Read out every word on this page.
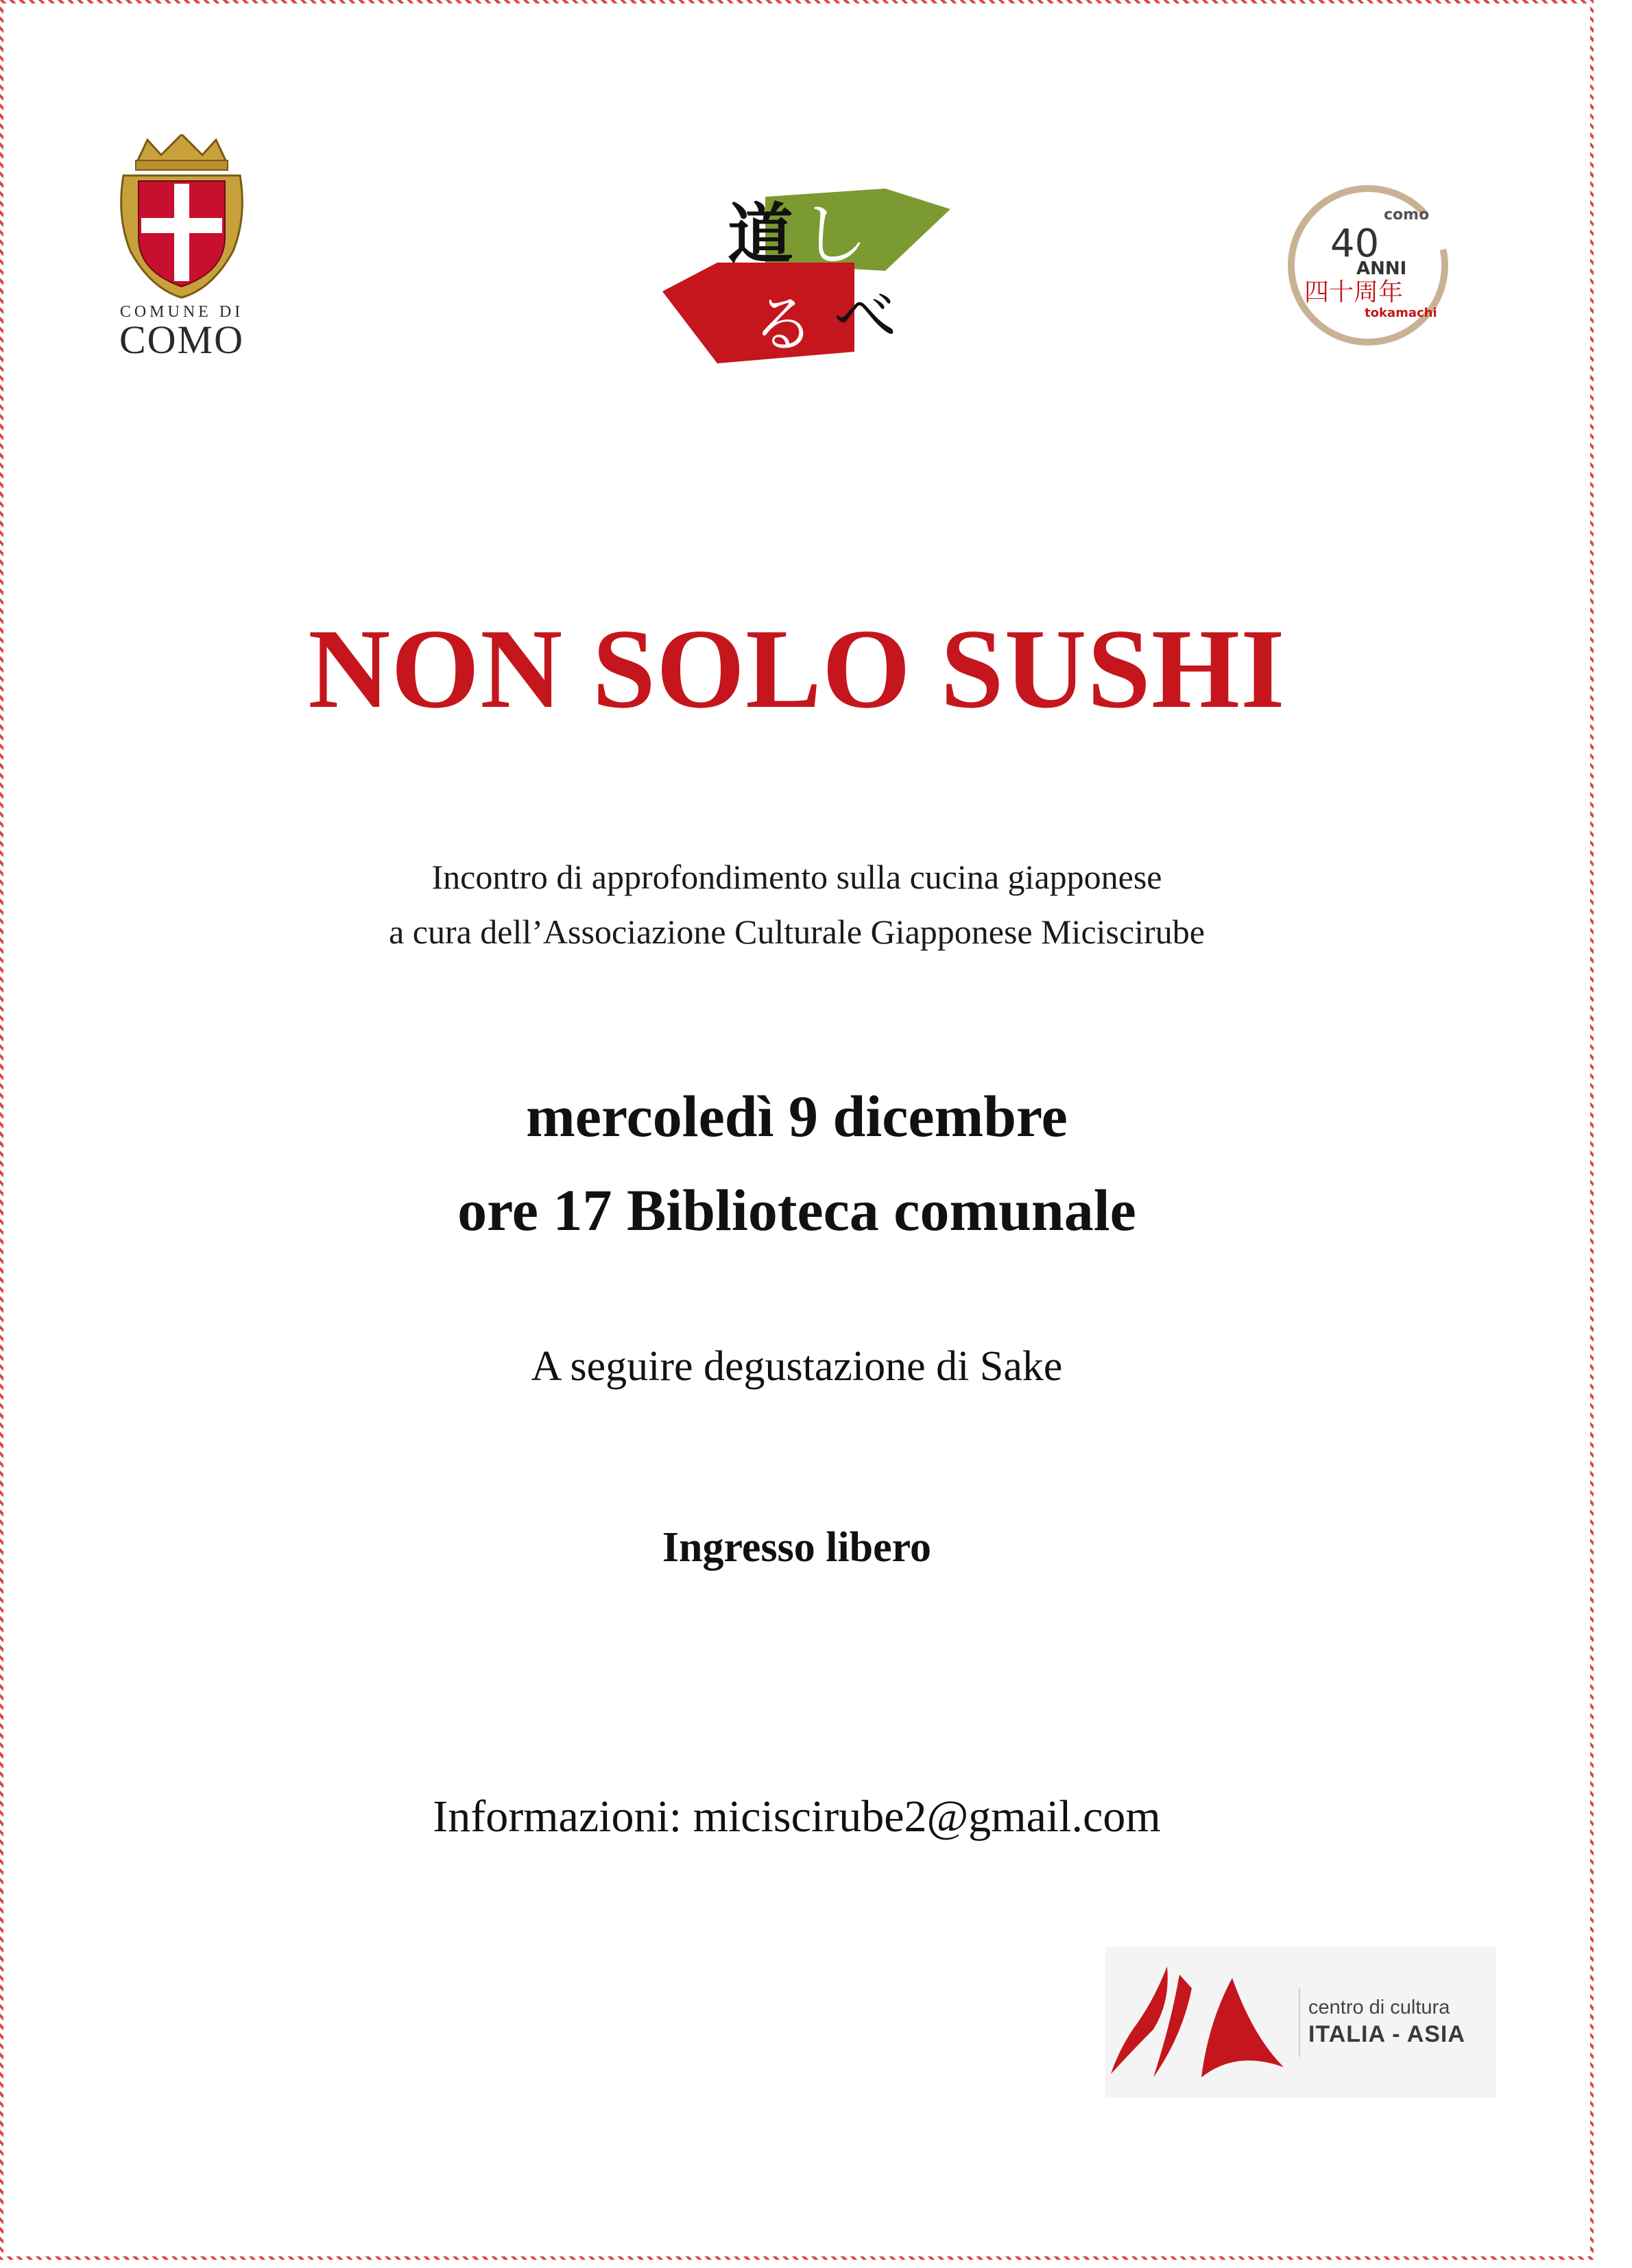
COMUNE DI
COMO
道 し
る べ
como
40
ANNI
四十周年
tokamachi
NON SOLO SUSHI
Incontro di approfondimento sulla cucina giapponese
a cura dell’Associazione Culturale Giapponese Miciscirube
mercoledì 9 dicembre
ore 17 Biblioteca comunale
A seguire degustazione di Sake
Ingresso libero
Informazioni: miciscirube2@gmail.com
centro di cultura
ITALIA - ASIA
